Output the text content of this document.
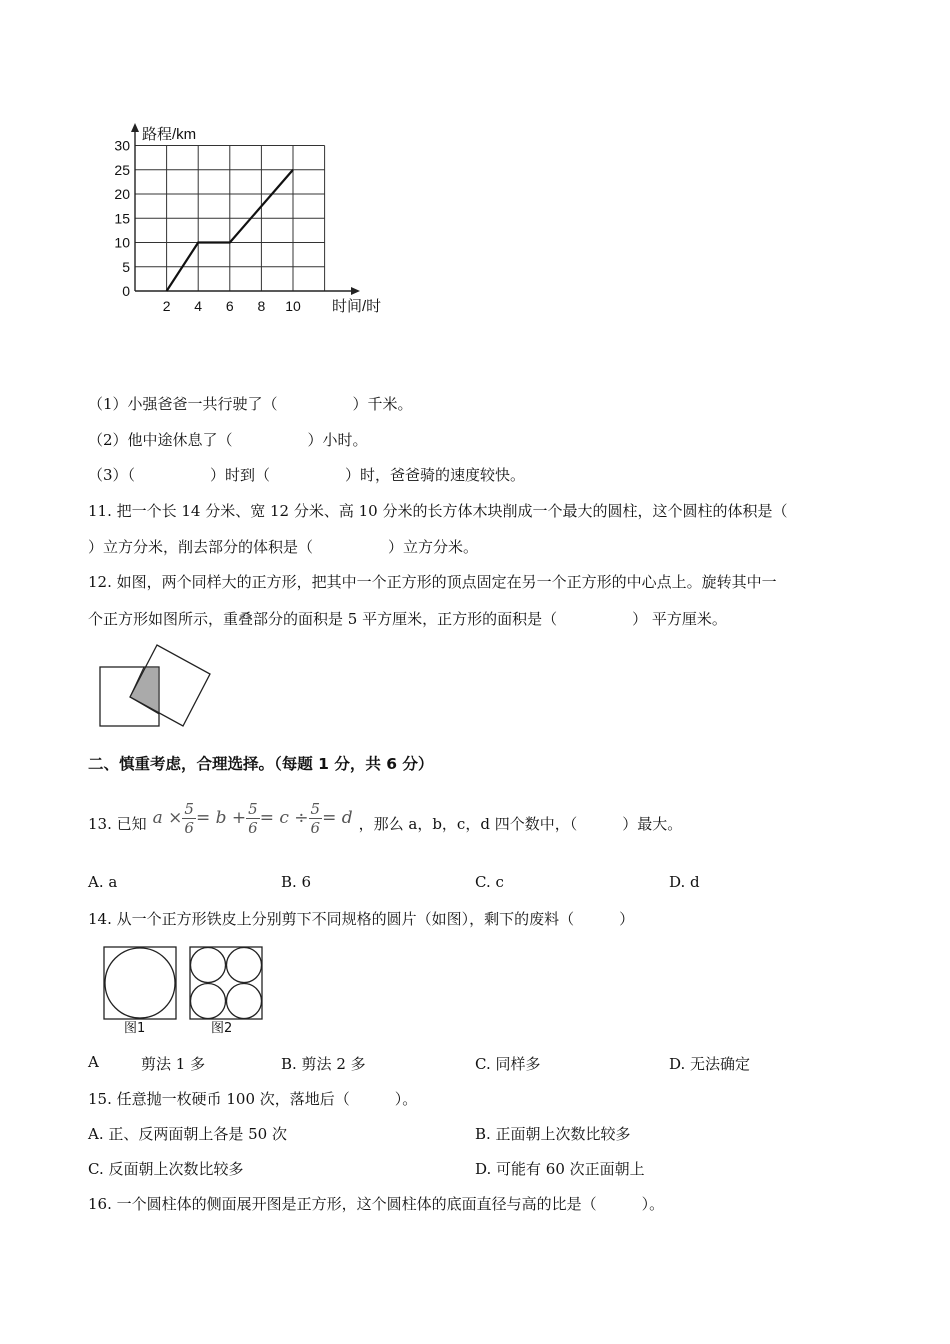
30
25
20
15
10
5
0
2 4 6 8 10
路程/km
时间/时
（1）小强爸爸一共行驶了（　　　　　）千米。
（2）他中途休息了（　　　　　）小时。
（3）（　　　　　）时到（　　　　　）时，爸爸骑的速度较快。
11. 把一个长 14 分米、宽 12 分米、高 10 分米的长方体木块削成一个最大的圆柱，这个圆柱的体积是（
）立方分米，削去部分的体积是（　　　　　）立方分米。
12. 如图，两个同样大的正方形，把其中一个正方形的顶点固定在另一个正方形的中心点上。旋转其中一
个正方形如图所示，重叠部分的面积是 5 平方厘米，正方形的面积是（　　　　　） 平方厘米。
二、慎重考虑，合理选择。（每题 1 分，共 6 分）
13. 已知 $a \times \frac{5}{6} = b + \frac{5}{6} = c \div \frac{5}{6} = d$ ，那么 a，b，c，d 四个数中，（　　　）最大。
A. a	B. 6	C. c	D. d
14. 从一个正方形铁皮上分别剪下不同规格的圆片（如图），剩下的废料（　　　）
图1	图2
A	剪法 1 多	B. 剪法 2 多	C. 同样多	D. 无法确定
15. 任意抛一枚硬币 100 次，落地后（　　　）。
A. 正、反两面朝上各是 50 次	B. 正面朝上次数比较多
C. 反面朝上次数比较多	D. 可能有 60 次正面朝上
16. 一个圆柱体的侧面展开图是正方形，这个圆柱体的底面直径与高的比是（　　　）。
